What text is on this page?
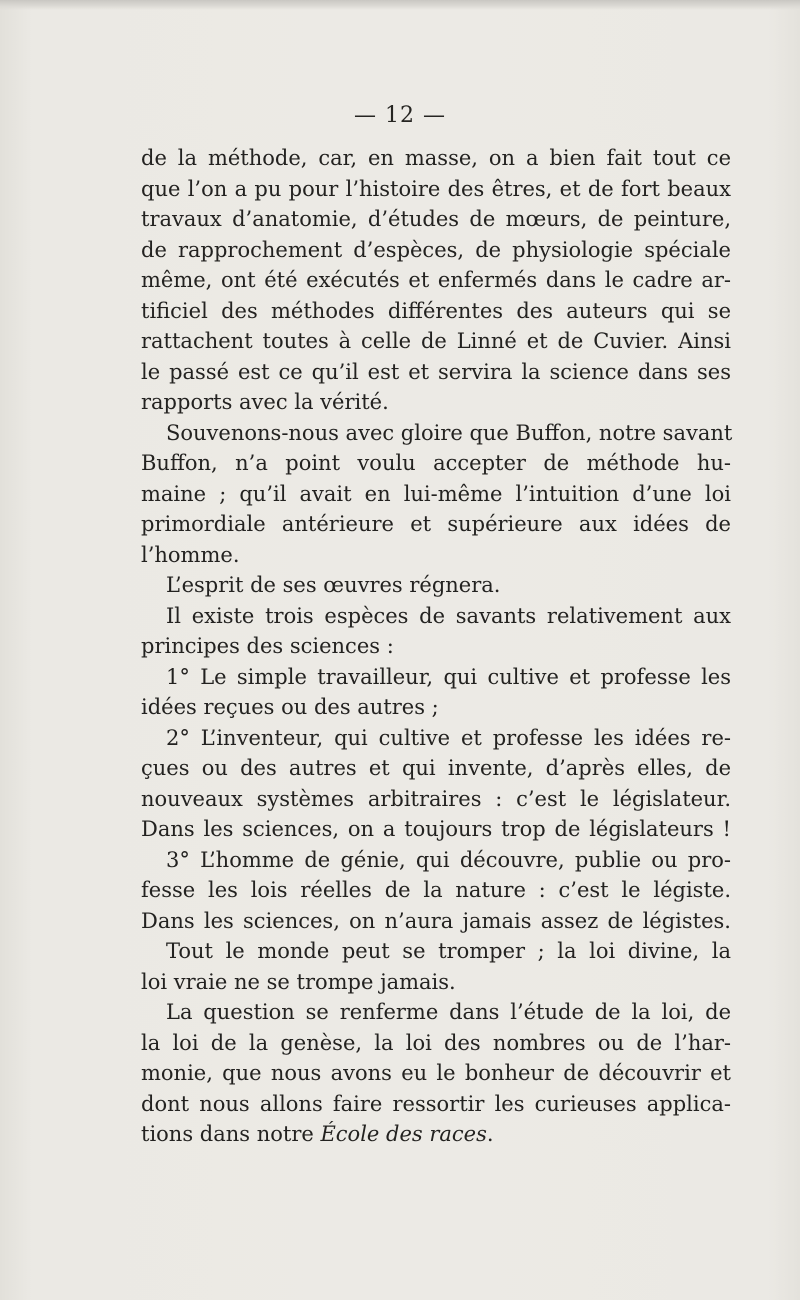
— 12 —
de la méthode, car, en masse, on a bien fait tout ce
que l’on a pu pour l’histoire des êtres, et de fort beaux
travaux d’anatomie, d’études de mœurs, de peinture,
de rapprochement d’espèces, de physiologie spéciale
même, ont été exécutés et enfermés dans le cadre ar-
tificiel des méthodes différentes des auteurs qui se
rattachent toutes à celle de Linné et de Cuvier. Ainsi
le passé est ce qu’il est et servira la science dans ses
rapports avec la vérité.
Souvenons-nous avec gloire que Buffon, notre savant
Buffon, n’a point voulu accepter de méthode hu-
maine ; qu’il avait en lui-même l’intuition d’une loi
primordiale antérieure et supérieure aux idées de
l’homme.
L’esprit de ses œuvres régnera.
Il existe trois espèces de savants relativement aux
principes des sciences :
1° Le simple travailleur, qui cultive et professe les
idées reçues ou des autres ;
2° L’inventeur, qui cultive et professe les idées re-
çues ou des autres et qui invente, d’après elles, de
nouveaux systèmes arbitraires : c’est le législateur.
Dans les sciences, on a toujours trop de législateurs !
3° L’homme de génie, qui découvre, publie ou pro-
fesse les lois réelles de la nature : c’est le légiste.
Dans les sciences, on n’aura jamais assez de légistes.
Tout le monde peut se tromper ; la loi divine, la
loi vraie ne se trompe jamais.
La question se renferme dans l’étude de la loi, de
la loi de la genèse, la loi des nombres ou de l’har-
monie, que nous avons eu le bonheur de découvrir et
dont nous allons faire ressortir les curieuses applica-
tions dans notre École des races.
